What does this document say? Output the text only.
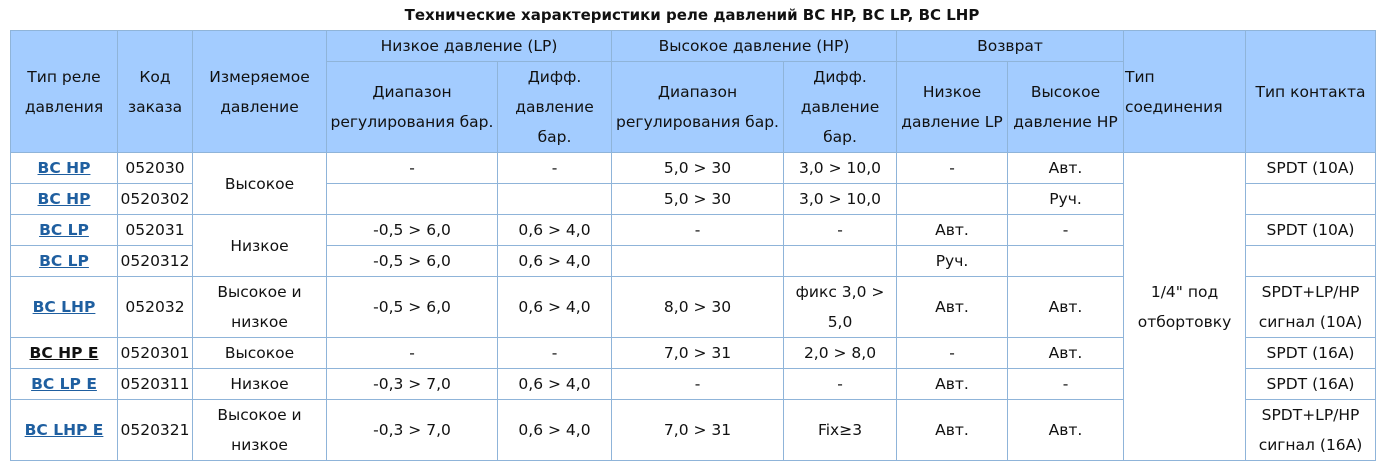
Технические характеристики реле давлений BC HP, BC LP, BC LHP
Тип реле давления	Код заказа	Измеряемое давление	Низкое давление (LP)		Высокое давление (HP)		Возврат		Тип соединения	Тип контакта
			Диапазон регулирования бар.	Дифф. давление бар.	Диапазон регулирования бар.	Дифф. давление бар.	Низкое давление LP	Высокое давление HP		
BC HP	052030	Высокое	-	-	5,0 > 30	3,0 > 10,0	-	Авт.	1/4" под отбортовку	SPDT (10A)
BC HP	0520302				5,0 > 30	3,0 > 10,0		Руч.		
BC LP	052031	Низкое	-0,5 > 6,0	0,6 > 4,0	-	-	Авт.	-		SPDT (10A)
BC LP	0520312		-0,5 > 6,0	0,6 > 4,0			Руч.			
BC LHP	052032	Высокое и низкое	-0,5 > 6,0	0,6 > 4,0	8,0 > 30	фикс 3,0 > 5,0	Авт.	Авт.		SPDT+LP/HP сигнал (10A)
BC HP E	0520301	Высокое	-	-	7,0 > 31	2,0 > 8,0	-	Авт.		SPDT (16A)
BC LP E	0520311	Низкое	-0,3 > 7,0	0,6 > 4,0	-	-	Авт.	-		SPDT (16A)
BC LHP E	0520321	Высокое и низкое	-0,3 > 7,0	0,6 > 4,0	7,0 > 31	Fix≥3	Авт.	Авт.		SPDT+LP/HP сигнал (16A)
